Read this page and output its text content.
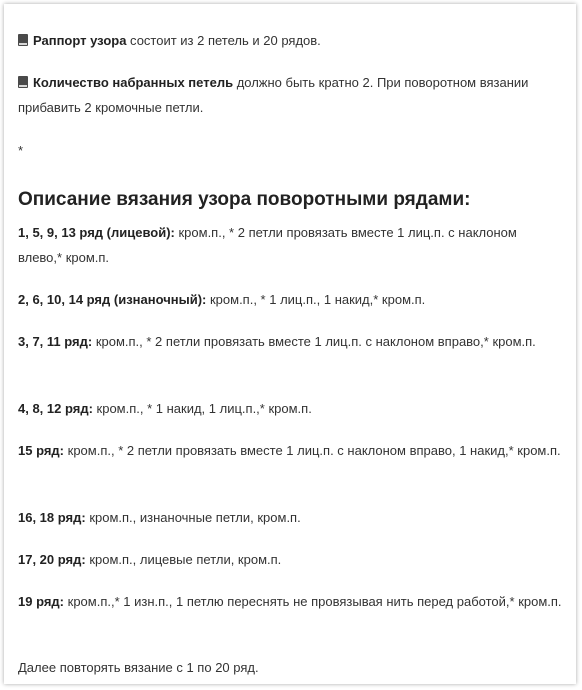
Раппорт узора состоит из 2 петель и 20 рядов.
Количество набранных петель должно быть кратно 2. При поворотном вязании прибавить 2 кромочные петли.
*
Описание вязания узора поворотными рядами:
1, 5, 9, 13 ряд (лицевой): кром.п., * 2 петли провязать вместе 1 лиц.п. с наклоном влево,* кром.п.
2, 6, 10, 14 ряд (изнаночный): кром.п., * 1 лиц.п., 1 накид,* кром.п.
3, 7, 11 ряд: кром.п., * 2 петли провязать вместе 1 лиц.п. с наклоном вправо,* кром.п.
4, 8, 12 ряд: кром.п., * 1 накид, 1 лиц.п.,* кром.п.
15 ряд: кром.п., * 2 петли провязать вместе 1 лиц.п. с наклоном вправо, 1 накид,* кром.п.
16, 18 ряд: кром.п., изнаночные петли, кром.п.
17, 20 ряд: кром.п., лицевые петли, кром.п.
19 ряд: кром.п.,* 1 изн.п., 1 петлю переснять не провязывая нить перед работой,* кром.п.
Далее повторять вязание с 1 по 20 ряд.
